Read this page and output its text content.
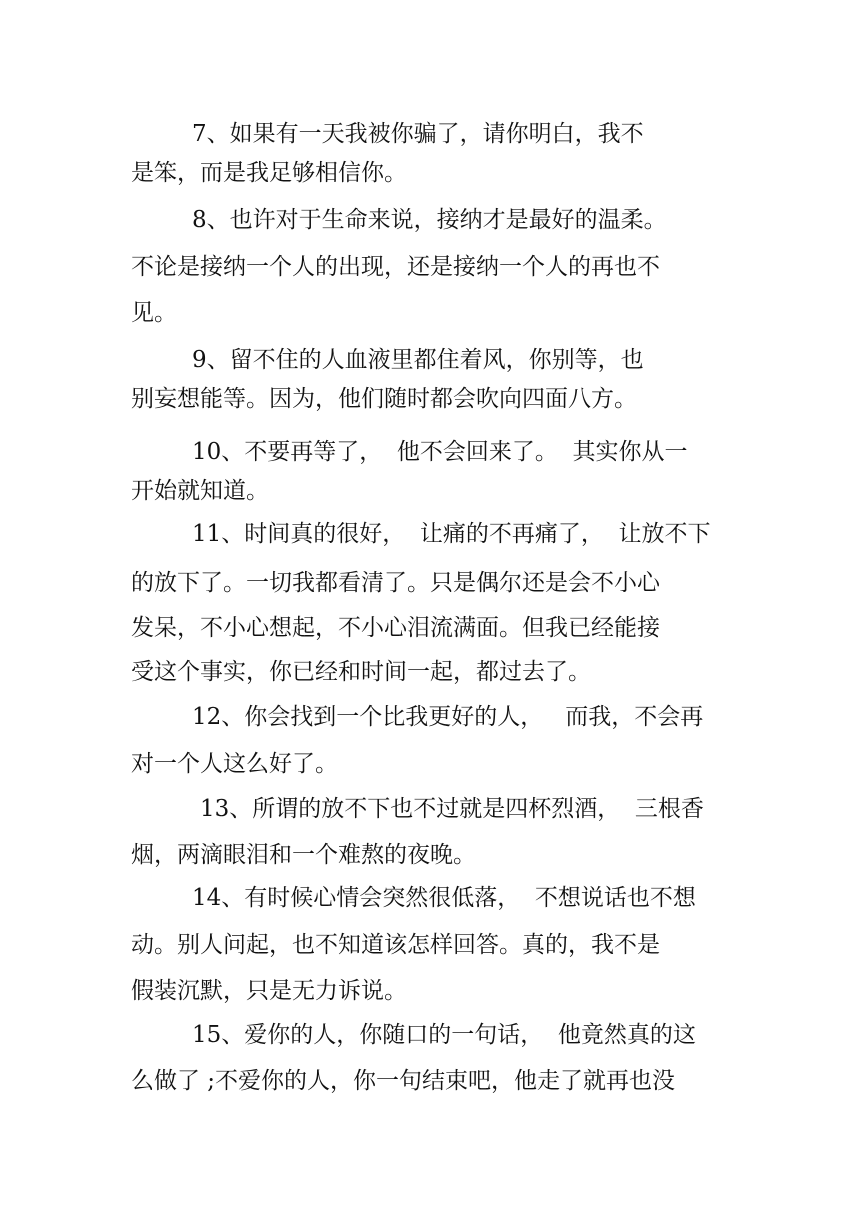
7、如果有一天我被你骗了，请你明白，我不
是笨，而是我足够相信你。
8、也许对于生命来说，接纳才是最好的温柔。
不论是接纳一个人的出现，还是接纳一个人的再也不
见。
9、留不住的人血液里都住着风，你别等，也
别妄想能等。因为，他们随时都会吹向四面八方。
10、不要再等了，  他不会回来了。  其实你从一
开始就知道。
11、时间真的很好，  让痛的不再痛了，  让放不下
的放下了。一切我都看清了。只是偶尔还是会不小心
发呆，不小心想起，不小心泪流满面。但我已经能接
受这个事实，你已经和时间一起，都过去了。
12、你会找到一个比我更好的人，   而我，不会再
对一个人这么好了。
13、所谓的放不下也不过就是四杯烈酒，  三根香
烟，两滴眼泪和一个难熬的夜晚。
14、有时候心情会突然很低落，  不想说话也不想
动。别人问起，也不知道该怎样回答。真的，我不是
假装沉默，只是无力诉说。
15、爱你的人，你随口的一句话，  他竟然真的这
么做了 ;不爱你的人，你一句结束吧，他走了就再也没
